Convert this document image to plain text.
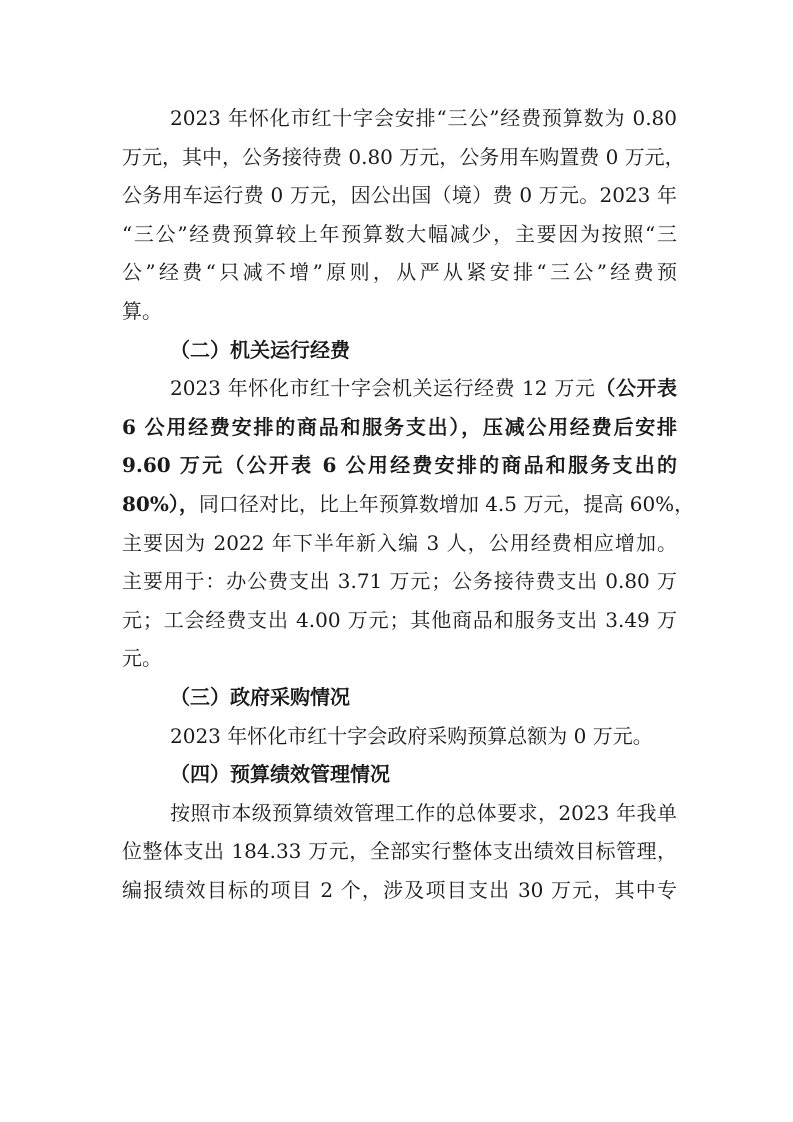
2023 年怀化市红十字会安排“三公”经费预算数为 0.80
万元，其中，公务接待费 0.80 万元，公务用车购置费 0 万元，
公务用车运行费 0 万元，因公出国（境）费 0 万元。2023 年
“三公”经费预算较上年预算数大幅减少，主要因为按照“三
公”经费“只减不增”原则，从严从紧安排“三公”经费预
算。
（二）机关运行经费
2023 年怀化市红十字会机关运行经费 12 万元（公开表
6 公用经费安排的商品和服务支出），压减公用经费后安排
9.60 万元（公开表 6 公用经费安排的商品和服务支出的
80%），同口径对比，比上年预算数增加 4.5 万元，提高 60%，
主要因为 2022 年下半年新入编 3 人，公用经费相应增加。
主要用于：办公费支出 3.71 万元；公务接待费支出 0.80 万
元；工会经费支出 4.00 万元；其他商品和服务支出 3.49 万
元。
（三）政府采购情况
2023 年怀化市红十字会政府采购预算总额为 0 万元。
（四）预算绩效管理情况
按照市本级预算绩效管理工作的总体要求，2023 年我单
位整体支出 184.33 万元，全部实行整体支出绩效目标管理，
编报绩效目标的项目 2 个，涉及项目支出 30 万元，其中专
